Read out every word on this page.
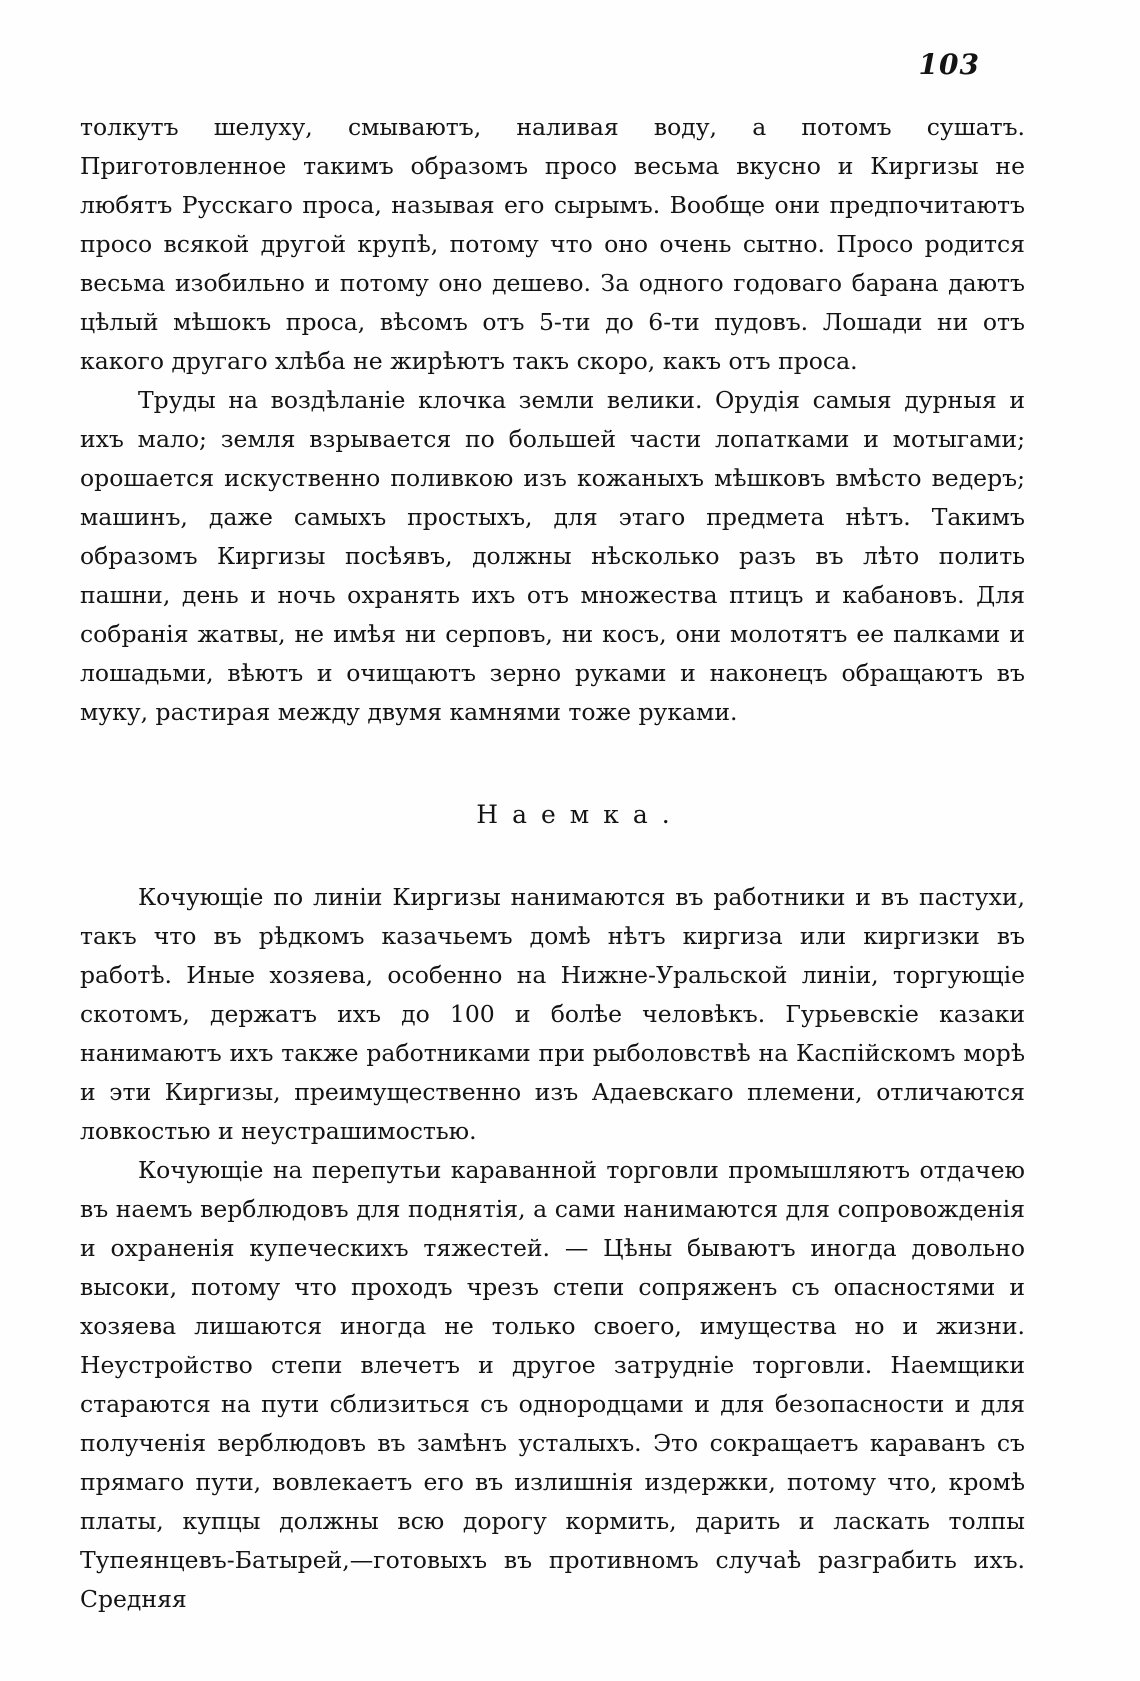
103

толкутъ шелуху, смываютъ, наливая воду, а потомъ сушатъ. Приготовленное такимъ образомъ просо весьма вкусно и Киргизы не любятъ Русскаго проса, называя его сырымъ. Вообще они предпочитаютъ просо всякой другой крупѣ, потому что оно очень сытно. Просо родится весьма изобильно и потому оно дешево. За одного годоваго барана даютъ цѣлый мѣшокъ проса, вѣсомъ отъ 5-ти до 6-ти пудовъ. Лошади ни отъ какого другаго хлѣба не жирѣютъ такъ скоро, какъ отъ проса.

Труды на воздѣланіе клочка земли велики. Орудія самыя дурныя и ихъ мало; земля взрывается по большей части лопатками и мотыгами; орошается искуственно поливкою изъ кожаныхъ мѣшковъ вмѣсто ведеръ; машинъ, даже самыхъ простыхъ, для этаго предмета нѣтъ. Такимъ образомъ Киргизы посѣявъ, должны нѣсколько разъ въ лѣто полить пашни, день и ночь охранять ихъ отъ множества птицъ и кабановъ. Для собранія жатвы, не имѣя ни серповъ, ни косъ, они молотятъ ее палками и лошадьми, вѣютъ и очищаютъ зерно руками и наконецъ обращаютъ въ муку, растирая между двумя камнями тоже руками.

Наемка.

Кочующіе по линіи Киргизы нанимаются въ работники и въ пастухи, такъ что въ рѣдкомъ казачьемъ домѣ нѣтъ киргиза или киргизки въ работѣ. Иные хозяева, особенно на Нижне-Уральской линіи, торгующіе скотомъ, держатъ ихъ до 100 и болѣе человѣкъ. Гурьевскіе казаки нанимаютъ ихъ также работниками при рыболовствѣ на Каспійскомъ морѣ и эти Киргизы, преимущественно изъ Адаевскаго племени, отличаются ловкостью и неустрашимостью.

Кочующіе на перепутьи караванной торговли промышляютъ отдачею въ наемъ верблюдовъ для поднятія, а сами нанимаются для сопровожденія и охраненія купеческихъ тяжестей. — Цѣны бываютъ иногда довольно высоки, потому что проходъ чрезъ степи сопряженъ съ опасностями и хозяева лишаются иногда не только своего, имущества но и жизни. Неустройство степи влечетъ и другое затрудніе торговли. Наемщики стараются на пути сблизиться съ однородцами и для безопасности и для полученія верблюдовъ въ замѣнъ усталыхъ. Это сокращаетъ караванъ съ прямаго пути, вовлекаетъ его въ излишнія издержки, потому что, кромѣ платы, купцы должны всю дорогу кормить, дарить и ласкать толпы Тупеянцевъ-Батырей,—готовыхъ въ противномъ случаѣ разграбить ихъ. Средняя
